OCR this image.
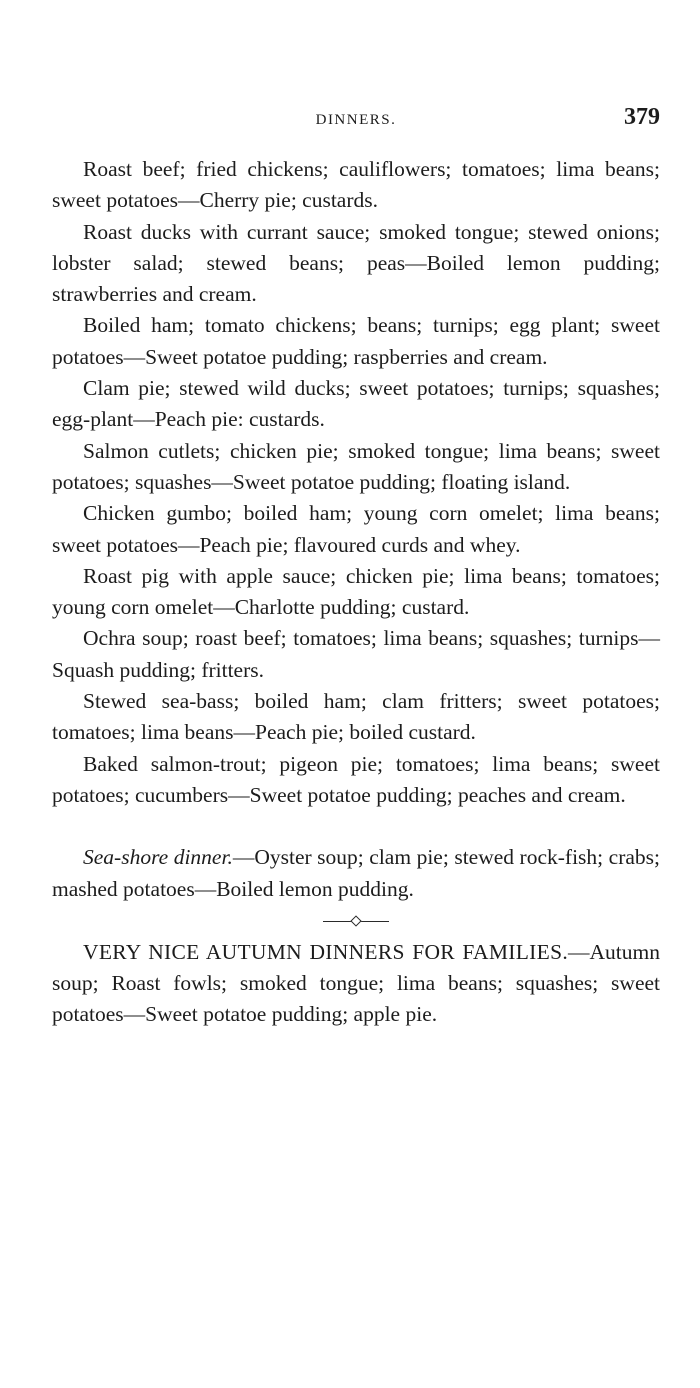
DINNERS.	379

Roast beef; fried chickens; cauliflowers; tomatoes; lima beans; sweet potatoes—Cherry pie; custards.

Roast ducks with currant sauce; smoked tongue; stewed onions; lobster salad; stewed beans; peas—Boiled lemon pudding; strawberries and cream.

Boiled ham; tomato chickens; beans; turnips; egg plant; sweet potatoes—Sweet potatoe pudding; raspberries and cream.

Clam pie; stewed wild ducks; sweet potatoes; turnips; squashes; egg-plant—Peach pie: custards.

Salmon cutlets; chicken pie; smoked tongue; lima beans; sweet potatoes; squashes—Sweet potatoe pudding; floating island.

Chicken gumbo; boiled ham; young corn omelet; lima beans; sweet potatoes—Peach pie; flavoured curds and whey.

Roast pig with apple sauce; chicken pie; lima beans; tomatoes; young corn omelet—Charlotte pudding; custard.

Ochra soup; roast beef; tomatoes; lima beans; squashes; turnips—Squash pudding; fritters.

Stewed sea-bass; boiled ham; clam fritters; sweet potatoes; tomatoes; lima beans—Peach pie; boiled custard.

Baked salmon-trout; pigeon pie; tomatoes; lima beans; sweet potatoes; cucumbers—Sweet potatoe pudding; peaches and cream.

Sea-shore dinner.—Oyster soup; clam pie; stewed rock-fish; crabs; mashed potatoes—Boiled lemon pudding.

VERY NICE AUTUMN DINNERS FOR FAMILIES.—Autumn soup; Roast fowls; smoked tongue; lima beans; squashes; sweet potatoes—Sweet potatoe pudding; apple pie.
